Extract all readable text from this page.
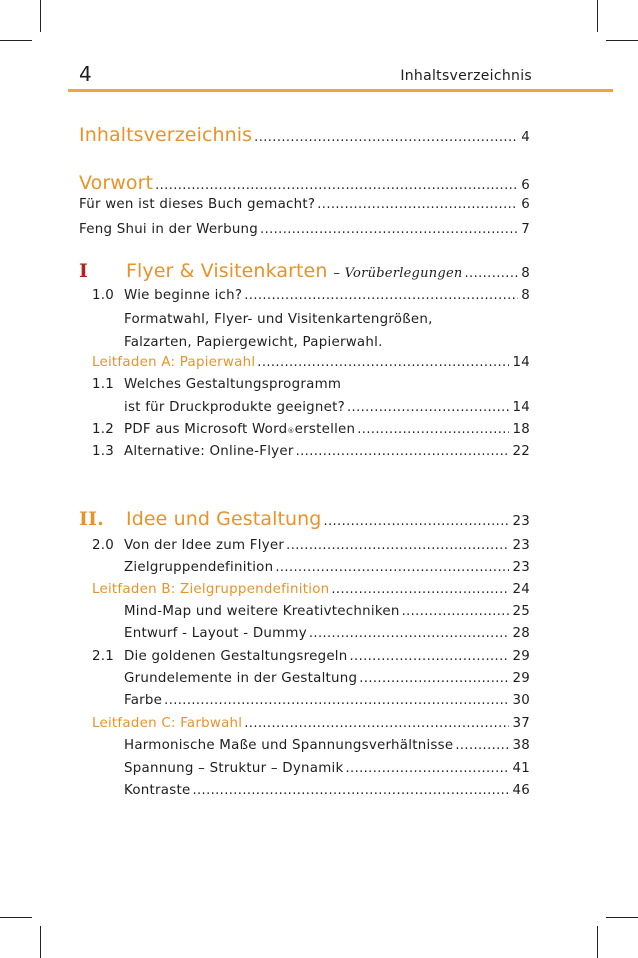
4	Inhaltsverzeichnis
Inhaltsverzeichnis .....	4
Vorwort .....	6
Für wen ist dieses Buch gemacht? .....	6
Feng Shui in der Werbung .....	7
I	Flyer & Visitenkarten – Vorüberlegungen .....	8
1.0 Wie beginne ich? .....	8
Formatwahl, Flyer- und Visitenkartengrößen,
Falzarten, Papiergewicht, Papierwahl.
Leitfaden A: Papierwahl .....	14
1.1 Welches Gestaltungsprogramm
ist für Druckprodukte geeignet? .....	14
1.2 PDF aus Microsoft Word ® erstellen .....	18
1.3 Alternative: Online-Flyer .....	22
II.	Idee und Gestaltung .....	23
2.0 Von der Idee zum Flyer .....	23
Zielgruppendefinition .....	23
Leitfaden B: Zielgruppendefinition .....	24
Mind-Map und weitere Kreativtechniken .....	25
Entwurf - Layout - Dummy .....	28
2.1 Die goldenen Gestaltungsregeln .....	29
Grundelemente in der Gestaltung .....	29
Farbe .....	30
Leitfaden C: Farbwahl .....	37
Harmonische Maße und Spannungsverhältnisse .....	38
Spannung – Struktur – Dynamik .....	41
Kontraste .....	46
